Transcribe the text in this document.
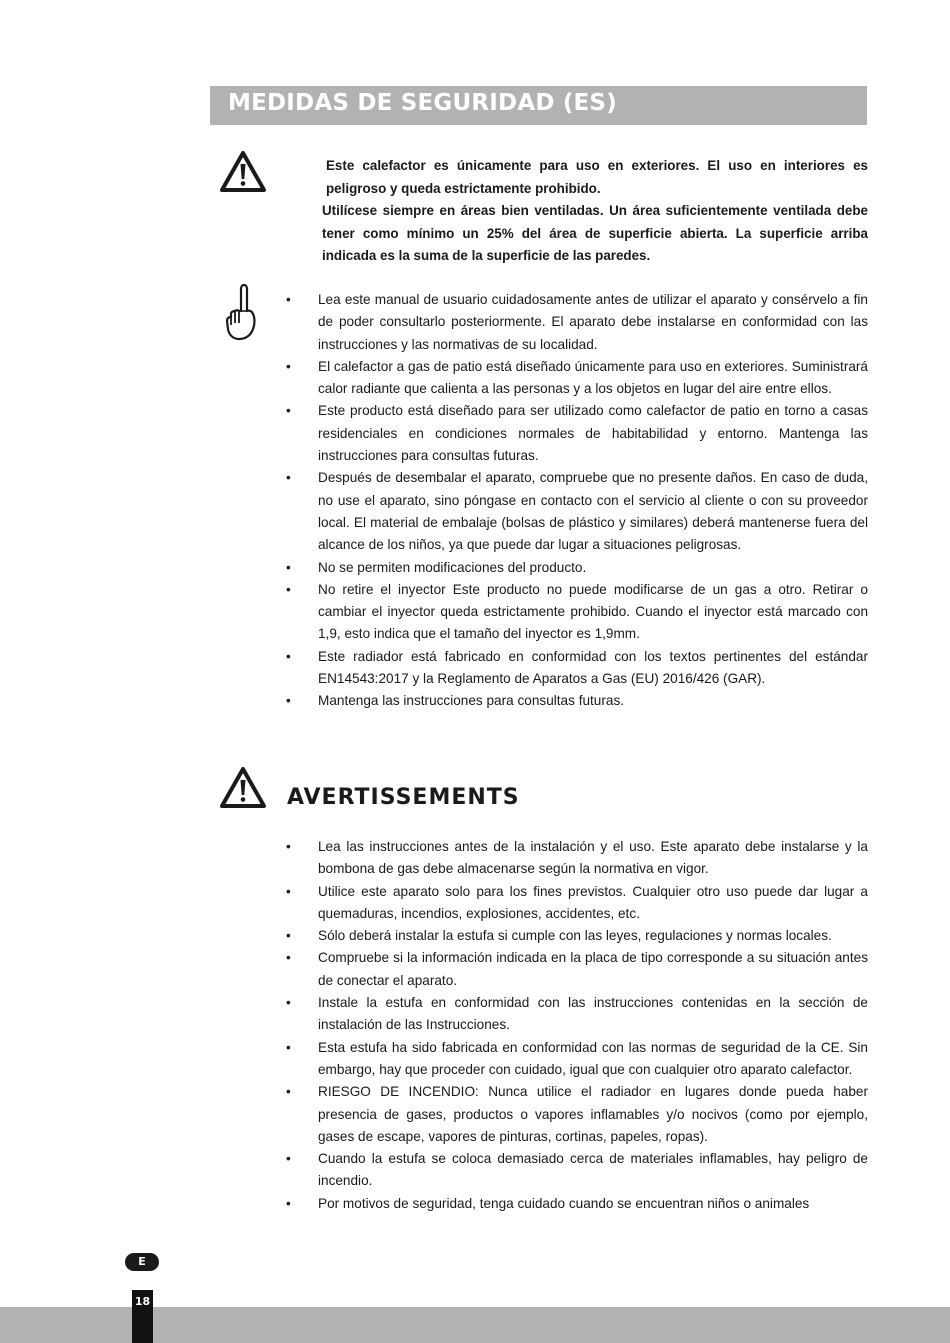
MEDIDAS DE SEGURIDAD (ES)

Este calefactor es únicamente para uso en exteriores. El uso en interiores es peligroso y queda estrictamente prohibido.

Utilícese siempre en áreas bien ventiladas. Un área suficientemente ventilada debe tener como mínimo un 25% del área de superficie abierta. La superficie arriba indicada es la suma de la superficie de las paredes.

•	Lea este manual de usuario cuidadosamente antes de utilizar el aparato y consérvelo a fin de poder consultarlo posteriormente. El aparato debe instalarse en conformidad con las instrucciones y las normativas de su localidad.
•	El calefactor a gas de patio está diseñado únicamente para uso en exteriores. Suministrará calor radiante que calienta a las personas y a los objetos en lugar del aire entre ellos.
•	Este producto está diseñado para ser utilizado como calefactor de patio en torno a casas residenciales en condiciones normales de habitabilidad y entorno. Mantenga las instrucciones para consultas futuras.
•	Después de desembalar el aparato, compruebe que no presente daños. En caso de duda, no use el aparato, sino póngase en contacto con el servicio al cliente o con su proveedor local. El material de embalaje (bolsas de plástico y similares) deberá mantenerse fuera del alcance de los niños, ya que puede dar lugar a situaciones peligrosas.
•	No se permiten modificaciones del producto.
•	No retire el inyector Este producto no puede modificarse de un gas a otro. Retirar o cambiar el inyector queda estrictamente prohibido. Cuando el inyector está marcado con 1,9, esto indica que el tamaño del inyector es 1,9mm.
•	Este radiador está fabricado en conformidad con los textos pertinentes del estándar EN14543:2017 y la Reglamento de Aparatos a Gas (EU) 2016/426 (GAR).
•	Mantenga las instrucciones para consultas futuras.
AVERTISSEMENTS
•	Lea las instrucciones antes de la instalación y el uso. Este aparato debe instalarse y la bombona de gas debe almacenarse según la normativa en vigor.
•	Utilice este aparato solo para los fines previstos. Cualquier otro uso puede dar lugar a quemaduras, incendios, explosiones, accidentes, etc.
•	Sólo deberá instalar la estufa si cumple con las leyes, regulaciones y normas locales.
•	Compruebe si la información indicada en la placa de tipo corresponde a su situación antes de conectar el aparato.
•	Instale la estufa en conformidad con las instrucciones contenidas en la sección de instalación de las Instrucciones.
•	Esta estufa ha sido fabricada en conformidad con las normas de seguridad de la CE. Sin embargo, hay que proceder con cuidado, igual que con cualquier otro aparato calefactor.
•	RIESGO DE INCENDIO: Nunca utilice el radiador en lugares donde pueda haber presencia de gases, productos o vapores inflamables y/o nocivos (como por ejemplo, gases de escape, vapores de pinturas, cortinas, papeles, ropas).
•	Cuando la estufa se coloca demasiado cerca de materiales inflamables, hay peligro de incendio.
•	Por motivos de seguridad, tenga cuidado cuando se encuentran niños o animales
E
18
